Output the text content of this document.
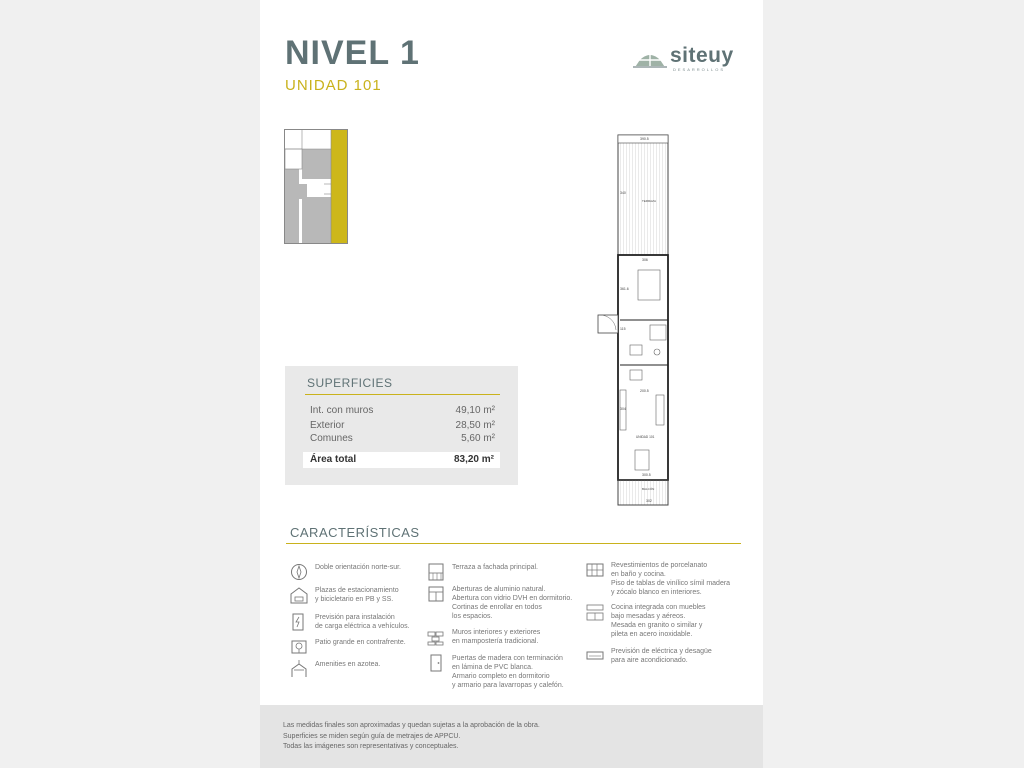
NIVEL 1
UNIDAD 101
siteuy
DESARROLLOS
390.5
361.6
306
304
340
200.5
115
300.5
302
TERRAZA
UNIDAD 101
BALCÓN
SUPERFICIES
Int. con muros	49,10 m²
Exterior	28,50 m²
Comunes	5,60 m²
Área total	83,20 m²
CARACTERÍSTICAS
Doble orientación norte-sur.
Plazas de estacionamiento
y bicicletario en PB y SS.
Previsión para instalación
de carga eléctrica a vehículos.
Patio grande en contrafrente.
Amenities en azotea.
Terraza a fachada principal.
Aberturas de aluminio natural.
Abertura con vidrio DVH en dormitorio.
Cortinas de enrollar en todos
los espacios.
Muros interiores y exteriores
en mampostería tradicional.
Puertas de madera con terminación
en lámina de PVC blanca.
Armario completo en dormitorio
y armario para lavarropas y calefón.
Revestimientos de porcelanato
en baño y cocina.
Piso de tablas de vinílico símil madera
y zócalo blanco en interiores.
Cocina integrada con muebles
bajo mesadas y aéreos.
Mesada en granito o similar y
pileta en acero inoxidable.
Previsión de eléctrica y desagüe
para aire acondicionado.
Las medidas finales son aproximadas y quedan sujetas a la aprobación de la obra.
Superficies se miden según guía de metrajes de APPCU.
Todas las imágenes son representativas y conceptuales.
